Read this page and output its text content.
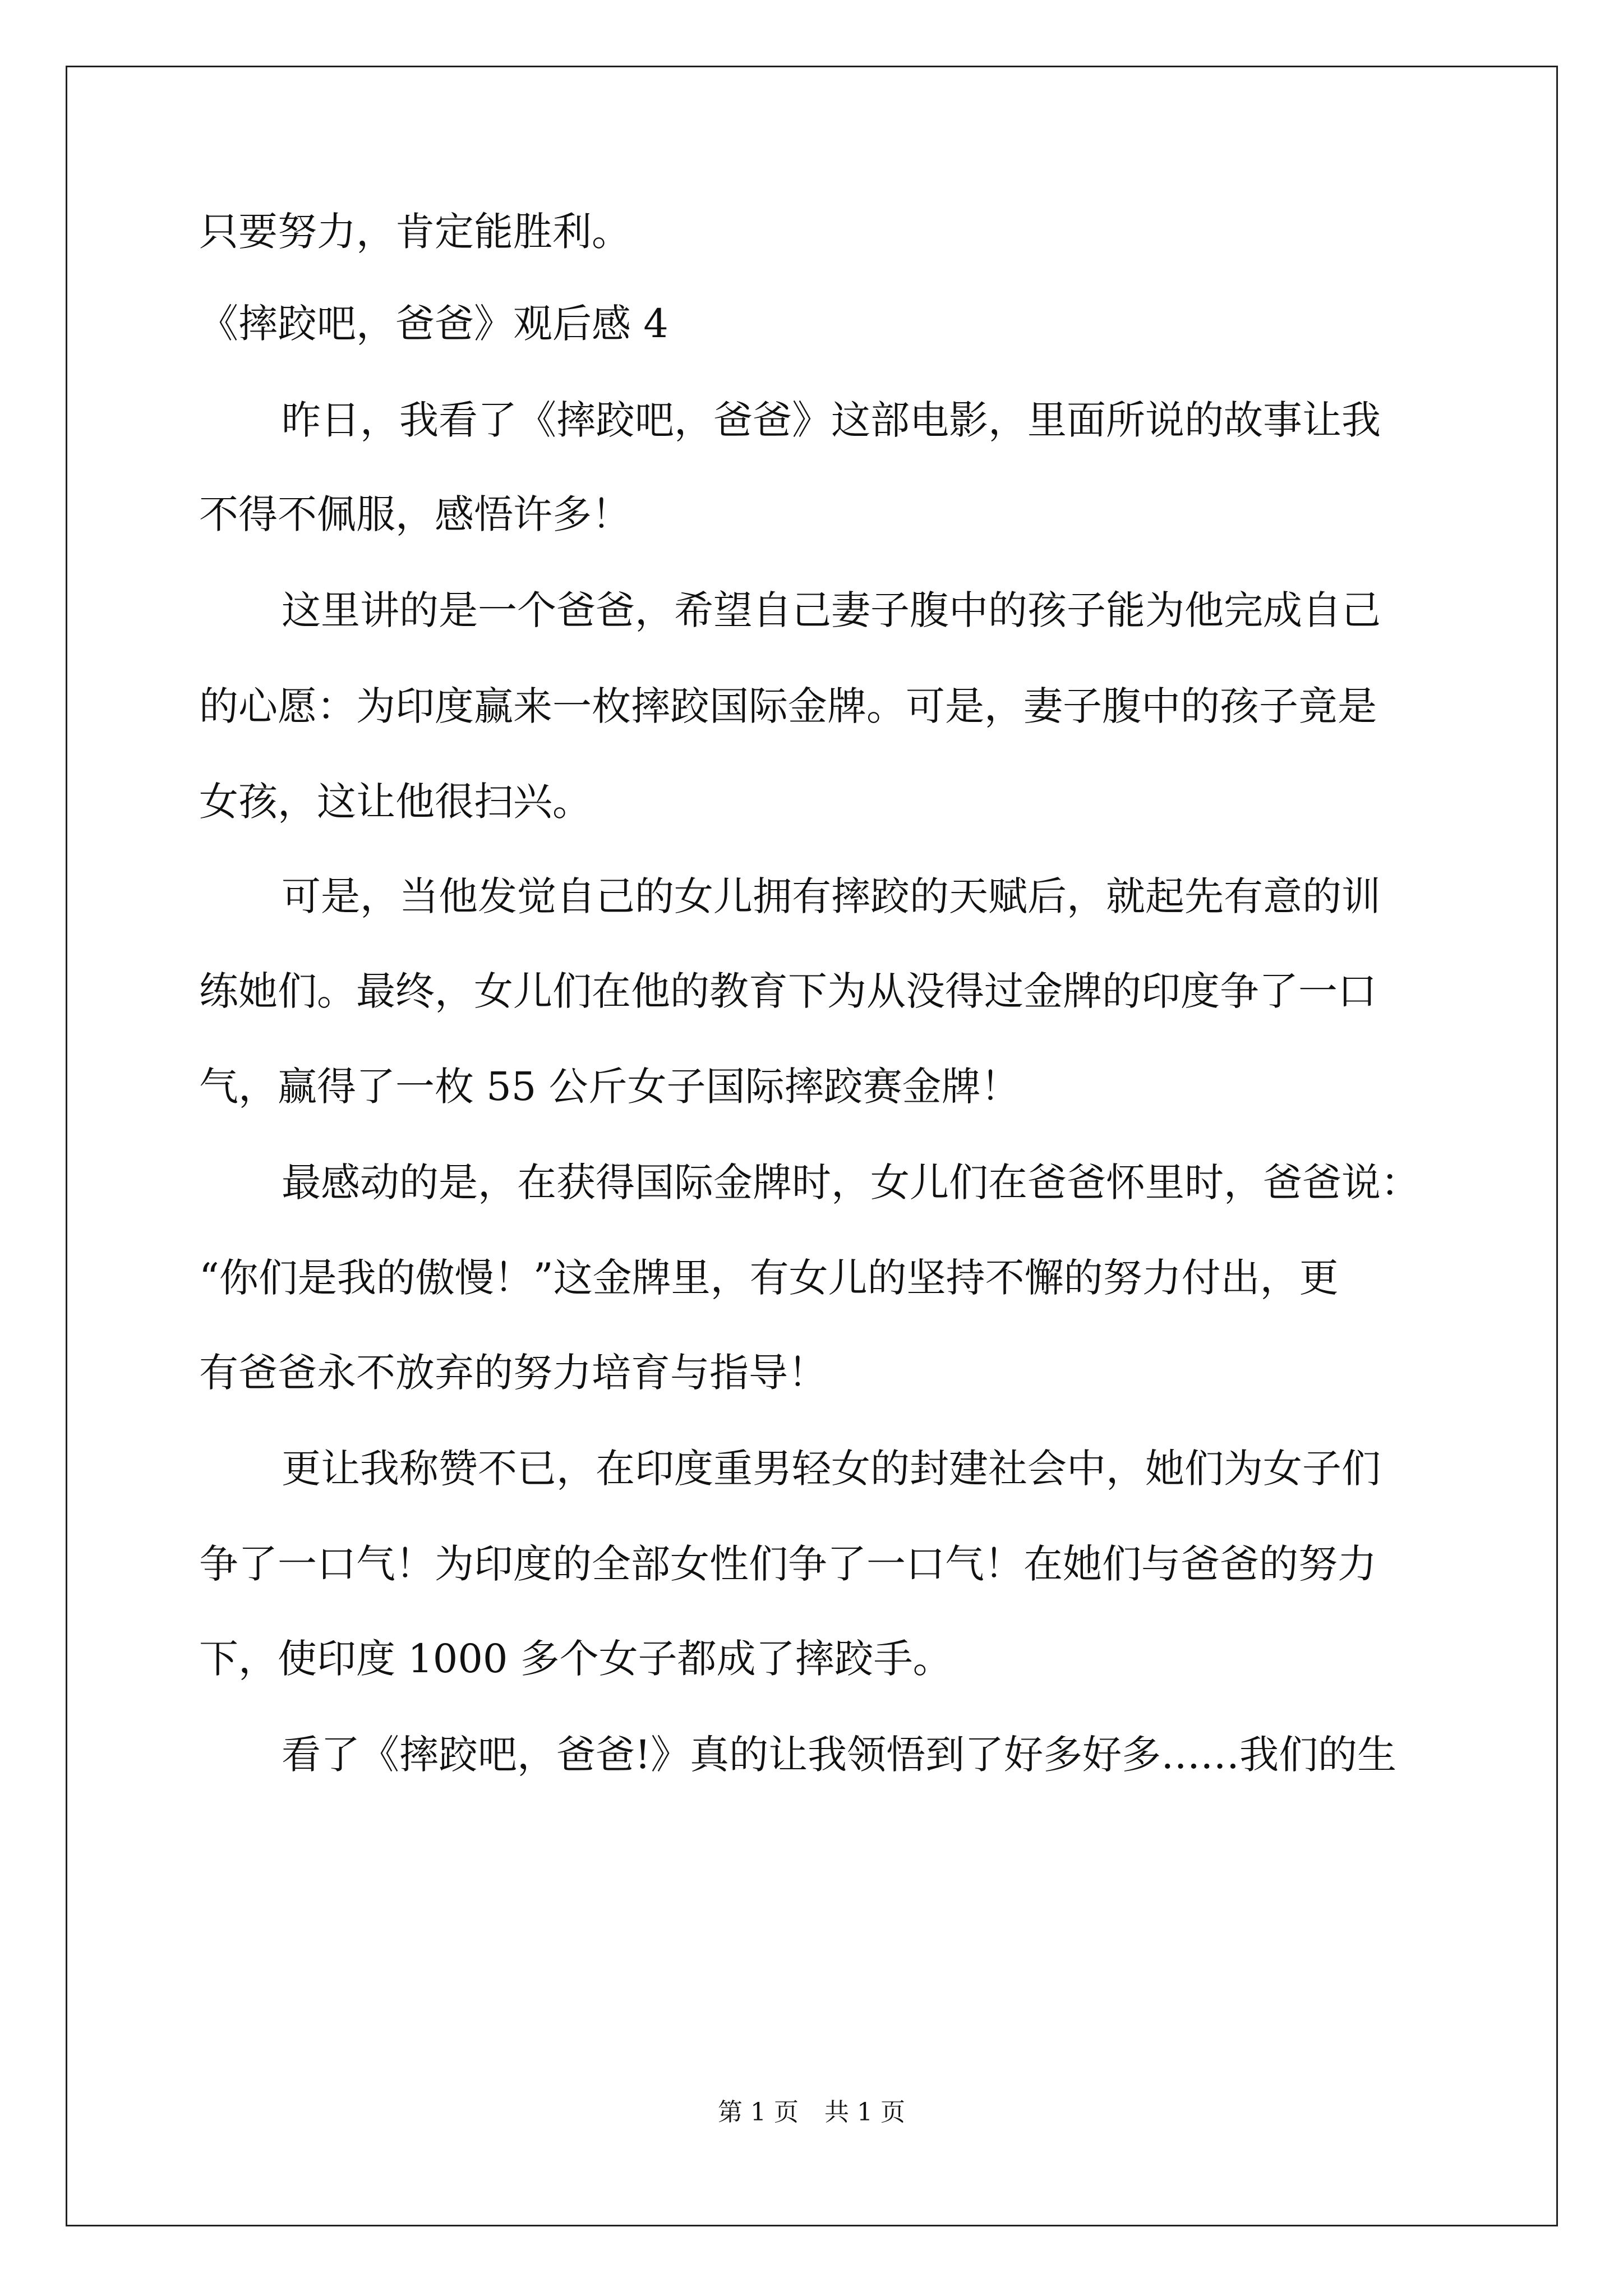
只要努力，肯定能胜利。
《摔跤吧，爸爸》观后感 4
昨日，我看了《摔跤吧，爸爸》这部电影，里面所说的故事让我
不得不佩服，感悟许多！
这里讲的是一个爸爸，希望自己妻子腹中的孩子能为他完成自己
的心愿：为印度赢来一枚摔跤国际金牌。可是，妻子腹中的孩子竟是
女孩，这让他很扫兴。
可是，当他发觉自己的女儿拥有摔跤的天赋后，就起先有意的训
练她们。最终，女儿们在他的教育下为从没得过金牌的印度争了一口
气，赢得了一枚 55 公斤女子国际摔跤赛金牌！
最感动的是，在获得国际金牌时，女儿们在爸爸怀里时，爸爸说：
“你们是我的傲慢！”这金牌里，有女儿的坚持不懈的努力付出，更
有爸爸永不放弃的努力培育与指导！
更让我称赞不已，在印度重男轻女的封建社会中，她们为女子们
争了一口气！为印度的全部女性们争了一口气！在她们与爸爸的努力
下，使印度 1000 多个女子都成了摔跤手。
看了《摔跤吧，爸爸!》真的让我领悟到了好多好多……我们的生
第 1 页 共 1 页
